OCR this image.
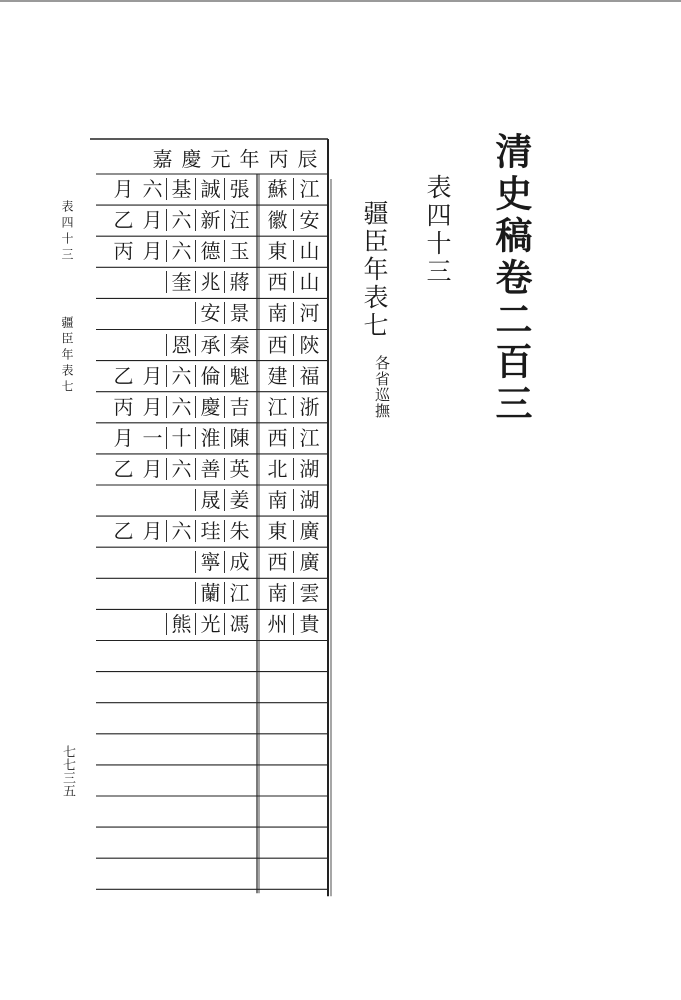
清史稿卷二百三
表四十三
疆臣年表七
各省巡撫
表四十三
疆臣年表七
七七三五
嘉 慶 元 年 丙 辰
江
蘇
張
誠
基
六
月
安
徽
汪
新
六
月
乙
山
東
玉
德
六
月
丙
山
西
蔣
兆
奎
河
南
景
安
陝
西
秦
承
恩
福
建
魁
倫
六
月
乙
浙
江
吉
慶
六
月
丙
江
西
陳
淮
十
一
月
湖
北
英
善
六
月
乙
湖
南
姜
晟
廣
東
朱
珪
六
月
乙
廣
西
成
寧
雲
南
江
蘭
貴
州
馮
光
熊
